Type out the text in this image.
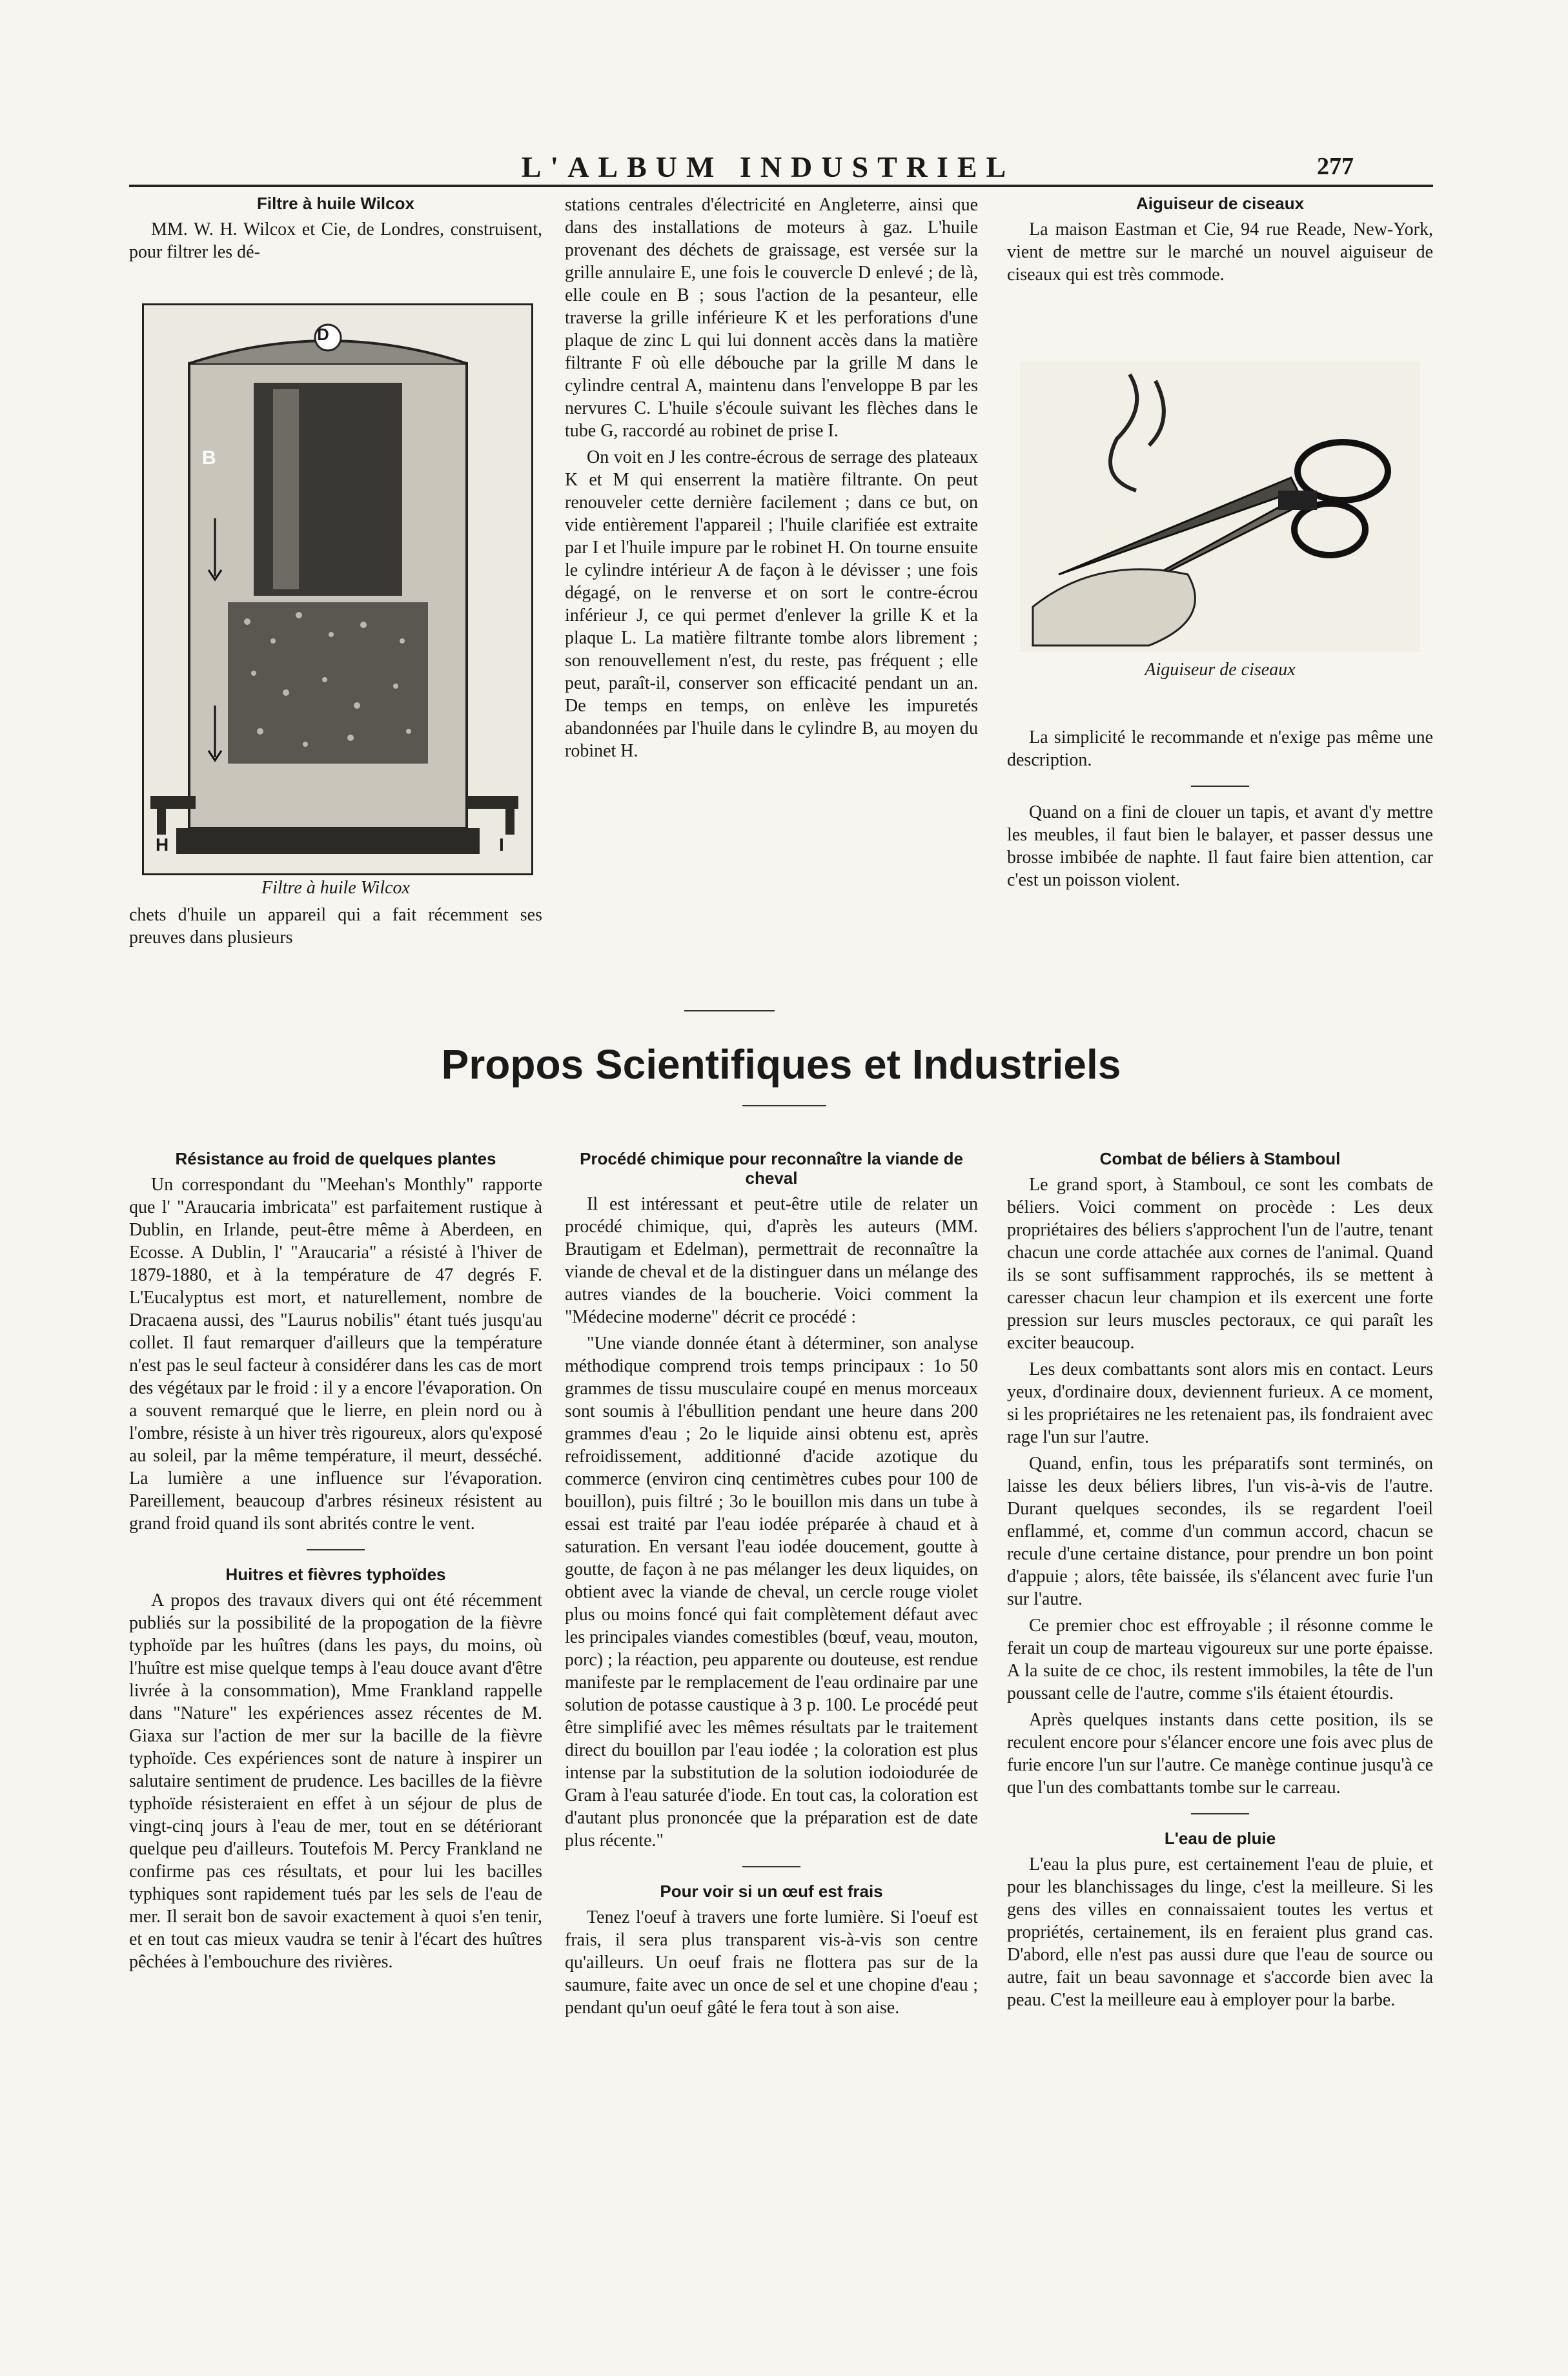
L'ALBUM INDUSTRIEL	277
Filtre à huile Wilcox

MM. W. H. Wilcox et Cie, de Londres, construisent, pour filtrer les dé-

D
B
H	I
Filtre à huile Wilcox

chets d'huile un appareil qui a fait récemment ses preuves dans plusieurs

stations centrales d'électricité en Angleterre, ainsi que dans des installations de moteurs à gaz. L'huile provenant des déchets de graissage, est versée sur la grille annulaire E, une fois le couvercle D enlevé ; de là, elle coule en B ; sous l'action de la pesanteur, elle traverse la grille inférieure K et les perforations d'une plaque de zinc L qui lui donnent accès dans la matière filtrante F où elle débouche par la grille M dans le cylindre central A, maintenu dans l'enveloppe B par les nervures C. L'huile s'écoule suivant les flèches dans le tube G, raccordé au robinet de prise I.

On voit en J les contre-écrous de serrage des plateaux K et M qui enserrent la matière filtrante. On peut renouveler cette dernière facilement ; dans ce but, on vide entièrement l'appareil ; l'huile clarifiée est extraite par I et l'huile impure par le robinet H. On tourne ensuite le cylindre intérieur A de façon à le dévisser ; une fois dégagé, on le renverse et on sort le contre-écrou inférieur J, ce qui permet d'enlever la grille K et la plaque L. La matière filtrante tombe alors librement ; son renouvellement n'est, du reste, pas fréquent ; elle peut, paraît-il, conserver son efficacité pendant un an. De temps en temps, on enlève les impuretés abandonnées par l'huile dans le cylindre B, au moyen du robinet H.

Aiguiseur de ciseaux

La maison Eastman et Cie, 94 rue Reade, New-York, vient de mettre sur le marché un nouvel aiguiseur de ciseaux qui est très commode.

Aiguiseur de ciseaux

La simplicité le recommande et n'exige pas même une description.

Quand on a fini de clouer un tapis, et avant d'y mettre les meubles, il faut bien le balayer, et passer dessus une brosse imbibée de naphte. Il faut faire bien attention, car c'est un poisson violent.

Propos Scientifiques et Industriels
Résistance au froid de quelques plantes

Un correspondant du "Meehan's Monthly" rapporte que l' "Araucaria imbricata" est parfaitement rustique à Dublin, en Irlande, peut-être même à Aberdeen, en Ecosse. A Dublin, l' "Araucaria" a résisté à l'hiver de 1879-1880, et à la température de 47 degrés F. L'Eucalyptus est mort, et naturellement, nombre de Dracaena aussi, des "Laurus nobilis" étant tués jusqu'au collet. Il faut remarquer d'ailleurs que la température n'est pas le seul facteur à considérer dans les cas de mort des végétaux par le froid : il y a encore l'évaporation. On a souvent remarqué que le lierre, en plein nord ou à l'ombre, résiste à un hiver très rigoureux, alors qu'exposé au soleil, par la même température, il meurt, desséché. La lumière a une influence sur l'évaporation. Pareillement, beaucoup d'arbres résineux résistent au grand froid quand ils sont abrités contre le vent.

Huitres et fièvres typhoïdes

A propos des travaux divers qui ont été récemment publiés sur la possibilité de la propogation de la fièvre typhoïde par les huîtres (dans les pays, du moins, où l'huître est mise quelque temps à l'eau douce avant d'être livrée à la consommation), Mme Frankland rappelle dans "Nature" les expériences assez récentes de M. Giaxa sur l'action de mer sur la bacille de la fièvre typhoïde. Ces expériences sont de nature à inspirer un salutaire sentiment de prudence. Les bacilles de la fièvre typhoïde résisteraient en effet à un séjour de plus de vingt-cinq jours à l'eau de mer, tout en se détériorant quelque peu d'ailleurs. Toutefois M. Percy Frankland ne confirme pas ces résultats, et pour lui les bacilles typhiques sont rapidement tués par les sels de l'eau de mer. Il serait bon de savoir exactement à quoi s'en tenir, et en tout cas mieux vaudra se tenir à l'écart des huîtres pêchées à l'embouchure des rivières.

Procédé chimique pour reconnaître la viande de cheval

Il est intéressant et peut-être utile de relater un procédé chimique, qui, d'après les auteurs (MM. Brautigam et Edelman), permettrait de reconnaître la viande de cheval et de la distinguer dans un mélange des autres viandes de la boucherie. Voici comment la "Médecine moderne" décrit ce procédé :

"Une viande donnée étant à déterminer, son analyse méthodique comprend trois temps principaux : 1o 50 grammes de tissu musculaire coupé en menus morceaux sont soumis à l'ébullition pendant une heure dans 200 grammes d'eau ; 2o le liquide ainsi obtenu est, après refroidissement, additionné d'acide azotique du commerce (environ cinq centimètres cubes pour 100 de bouillon), puis filtré ; 3o le bouillon mis dans un tube à essai est traité par l'eau iodée préparée à chaud et à saturation. En versant l'eau iodée doucement, goutte à goutte, de façon à ne pas mélanger les deux liquides, on obtient avec la viande de cheval, un cercle rouge violet plus ou moins foncé qui fait complètement défaut avec les principales viandes comestibles (bœuf, veau, mouton, porc) ; la réaction, peu apparente ou douteuse, est rendue manifeste par le remplacement de l'eau ordinaire par une solution de potasse caustique à 3 p. 100. Le procédé peut être simplifié avec les mêmes résultats par le traitement direct du bouillon par l'eau iodée ; la coloration est plus intense par la substitution de la solution iodoiodurée de Gram à l'eau saturée d'iode. En tout cas, la coloration est d'autant plus prononcée que la préparation est de date plus récente."

Pour voir si un œuf est frais

Tenez l'oeuf à travers une forte lumière. Si l'oeuf est frais, il sera plus transparent vis-à-vis son centre qu'ailleurs. Un oeuf frais ne flottera pas sur de la saumure, faite avec un once de sel et une chopine d'eau ; pendant qu'un oeuf gâté le fera tout à son aise.

Combat de béliers à Stamboul

Le grand sport, à Stamboul, ce sont les combats de béliers. Voici comment on procède : Les deux propriétaires des béliers s'approchent l'un de l'autre, tenant chacun une corde attachée aux cornes de l'animal. Quand ils se sont suffisamment rapprochés, ils se mettent à caresser chacun leur champion et ils exercent une forte pression sur leurs muscles pectoraux, ce qui paraît les exciter beaucoup.

Les deux combattants sont alors mis en contact. Leurs yeux, d'ordinaire doux, deviennent furieux. A ce moment, si les propriétaires ne les retenaient pas, ils fondraient avec rage l'un sur l'autre.

Quand, enfin, tous les préparatifs sont terminés, on laisse les deux béliers libres, l'un vis-à-vis de l'autre. Durant quelques secondes, ils se regardent l'oeil enflammé, et, comme d'un commun accord, chacun se recule d'une certaine distance, pour prendre un bon point d'appuie ; alors, tête baissée, ils s'élancent avec furie l'un sur l'autre.

Ce premier choc est effroyable ; il résonne comme le ferait un coup de marteau vigoureux sur une porte épaisse. A la suite de ce choc, ils restent immobiles, la tête de l'un poussant celle de l'autre, comme s'ils étaient étourdis.

Après quelques instants dans cette position, ils se reculent encore pour s'élancer encore une fois avec plus de furie encore l'un sur l'autre. Ce manège continue jusqu'à ce que l'un des combattants tombe sur le carreau.

L'eau de pluie

L'eau la plus pure, est certainement l'eau de pluie, et pour les blanchissages du linge, c'est la meilleure. Si les gens des villes en connaissaient toutes les vertus et propriétés, certainement, ils en feraient plus grand cas. D'abord, elle n'est pas aussi dure que l'eau de source ou autre, fait un beau savonnage et s'accorde bien avec la peau. C'est la meilleure eau à employer pour la barbe.
